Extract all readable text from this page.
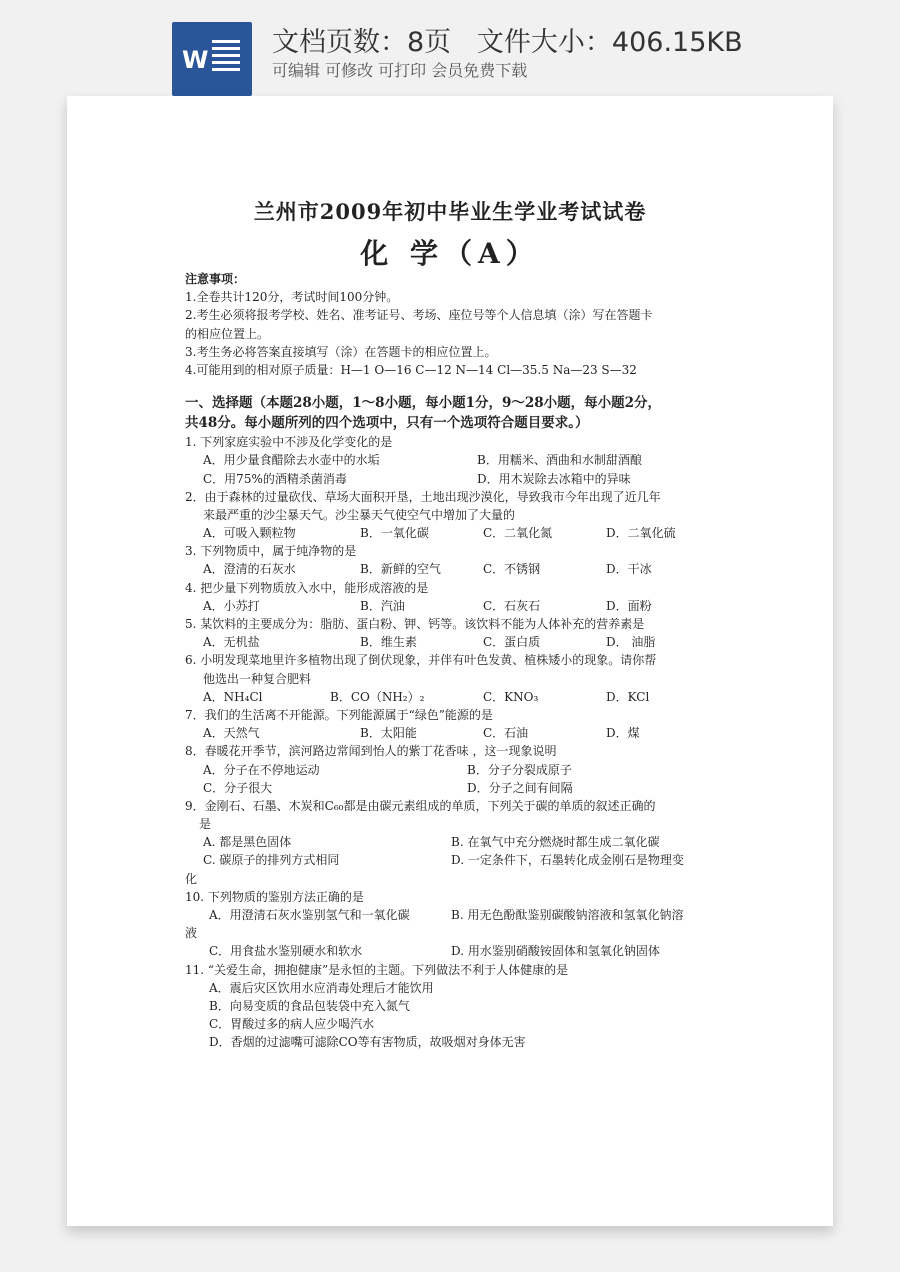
W
文档页数：8页   文件大小：406.15KB
可编辑 可修改 可打印 会员免费下载
兰州市2009年初中毕业生学业考试试卷
化 学（A）
注意事项：
1.全卷共计120分，考试时间100分钟。
2.考生必须将报考学校、姓名、准考证号、考场、座位号等个人信息填（涂）写在答题卡
的相应位置上。
3.考生务必将答案直接填写（涂）在答题卡的相应位置上。
4.可能用到的相对原子质量：H—1 O—16 C—12 N—14 Cl—35.5 Na—23 S—32
一、选择题（本题28小题，1～8小题，每小题1分，9～28小题，每小题2分，
共48分。每小题所列的四个选项中，只有一个选项符合题目要求。）
1. 下列家庭实验中不涉及化学变化的是
A．用少量食醋除去水壶中的水垢	B．用糯米、酒曲和水制甜酒酿
C．用75%的酒精杀菌消毒	D．用木炭除去冰箱中的异味
2．由于森林的过量砍伐、草场大面积开垦，土地出现沙漠化，导致我市今年出现了近几年
来最严重的沙尘暴天气。沙尘暴天气使空气中增加了大量的
A．可吸入颗粒物	B．一氧化碳	C．二氧化氮	D．二氧化硫
3. 下列物质中，属于纯净物的是
A．澄清的石灰水	B．新鲜的空气	C．不锈钢	D．干冰
4. 把少量下列物质放入水中，能形成溶液的是
A．小苏打	B．汽油	C．石灰石	D．面粉
5. 某饮料的主要成分为：脂肪、蛋白粉、钾、钙等。该饮料不能为人体补充的营养素是
A．无机盐	B．维生素	C．蛋白质	D． 油脂
6. 小明发现菜地里许多植物出现了倒伏现象，并伴有叶色发黄、植株矮小的现象。请你帮
他选出一种复合肥料
A．NH₄Cl	B．CO（NH₂）₂	C．KNO₃	D．KCl
7．我们的生活离不开能源。下列能源属于“绿色”能源的是
A．天然气	B．太阳能	C．石油	D．煤
8．春暖花开季节，滨河路边常闻到怡人的紫丁花香味 ，这一现象说明
A．分子在不停地运动	B．分子分裂成原子
C．分子很大	D．分子之间有间隔
9．金刚石、石墨、木炭和C₆₀都是由碳元素组成的单质，下列关于碳的单质的叙述正确的
是
A. 都是黑色固体	B. 在氧气中充分燃烧时都生成二氧化碳
C. 碳原子的排列方式相同	D. 一定条件下，石墨转化成金刚石是物理变
化
10. 下列物质的鉴别方法正确的是
A．用澄清石灰水鉴别氢气和一氧化碳	B. 用无色酚酞鉴别碳酸钠溶液和氢氧化钠溶
液
C．用食盐水鉴别硬水和软水	D. 用水鉴别硝酸铵固体和氢氧化钠固体
11. “关爱生命，拥抱健康”是永恒的主题。下列做法不利于人体健康的是
A．震后灾区饮用水应消毒处理后才能饮用
B．向易变质的食品包装袋中充入氮气
C．胃酸过多的病人应少喝汽水
D．香烟的过滤嘴可滤除CO等有害物质，故吸烟对身体无害
